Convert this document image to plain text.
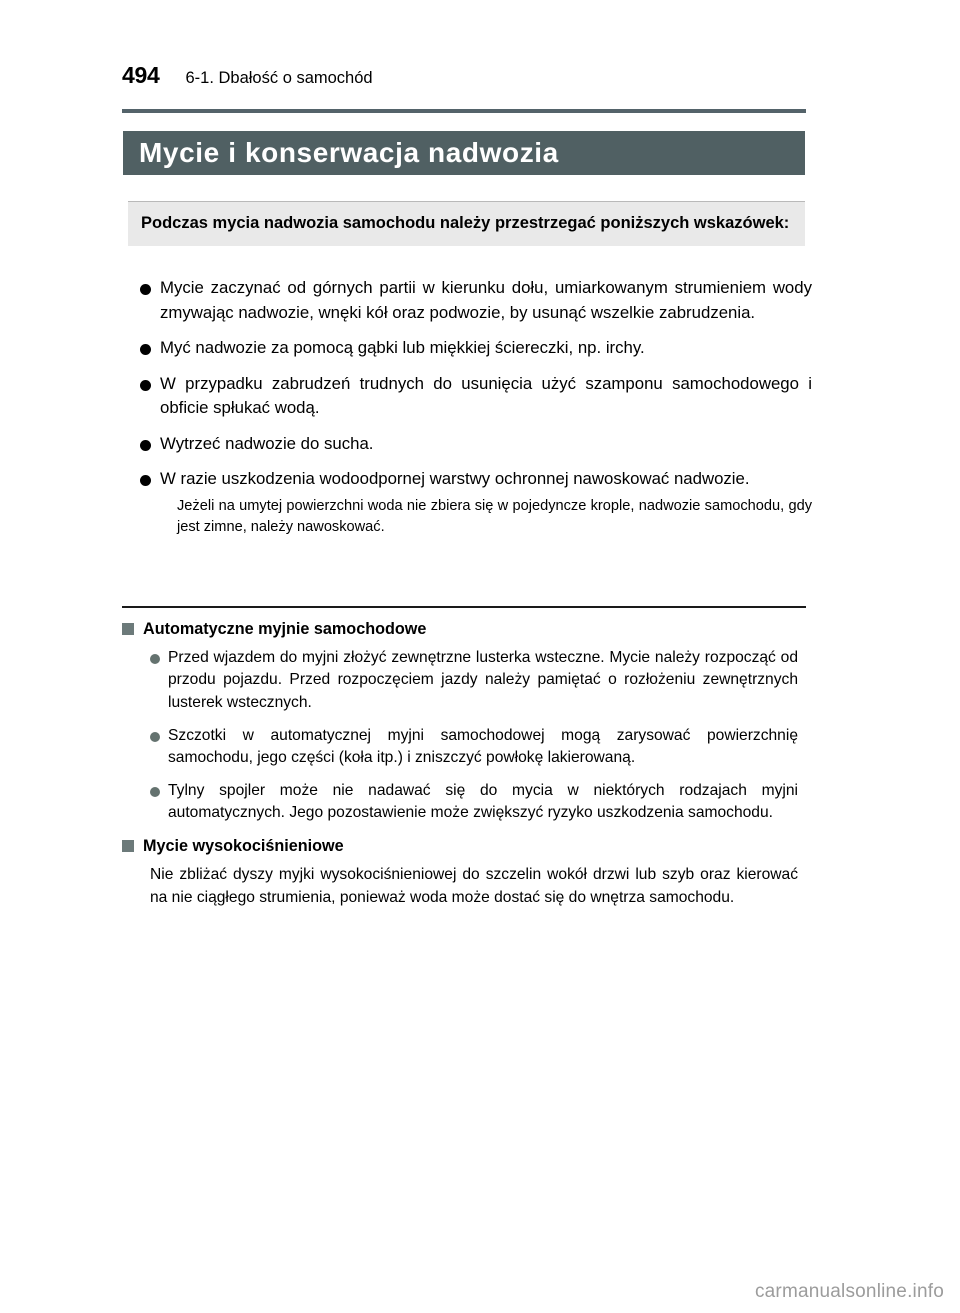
494 6-1. Dbałość o samochód
Mycie i konserwacja nadwozia
Podczas mycia nadwozia samochodu należy przestrzegać poniższych wskazówek:
Mycie zaczynać od górnych partii w kierunku dołu, umiarkowanym strumieniem wody zmywając nadwozie, wnęki kół oraz podwozie, by usunąć wszelkie zabrudzenia.
Myć nadwozie za pomocą gąbki lub miękkiej ściereczki, np. irchy.
W przypadku zabrudzeń trudnych do usunięcia użyć szamponu samochodowego i obficie spłukać wodą.
Wytrzeć nadwozie do sucha.
W razie uszkodzenia wodoodpornej warstwy ochronnej nawoskować nadwozie.
Jeżeli na umytej powierzchni woda nie zbiera się w pojedyncze krople, nadwozie samochodu, gdy jest zimne, należy nawoskować.
Automatyczne myjnie samochodowe
Przed wjazdem do myjni złożyć zewnętrzne lusterka wsteczne. Mycie należy rozpocząć od przodu pojazdu. Przed rozpoczęciem jazdy należy pamiętać o rozłożeniu zewnętrznych lusterek wstecznych.
Szczotki w automatycznej myjni samochodowej mogą zarysować powierzchnię samochodu, jego części (koła itp.) i zniszczyć powłokę lakierowaną.
Tylny spojler może nie nadawać się do mycia w niektórych rodzajach myjni automatycznych. Jego pozostawienie może zwiększyć ryzyko uszkodzenia samochodu.
Mycie wysokociśnieniowe
Nie zbliżać dyszy myjki wysokociśnieniowej do szczelin wokół drzwi lub szyb oraz kierować na nie ciągłego strumienia, ponieważ woda może dostać się do wnętrza samochodu.
carmanualsonline.info
